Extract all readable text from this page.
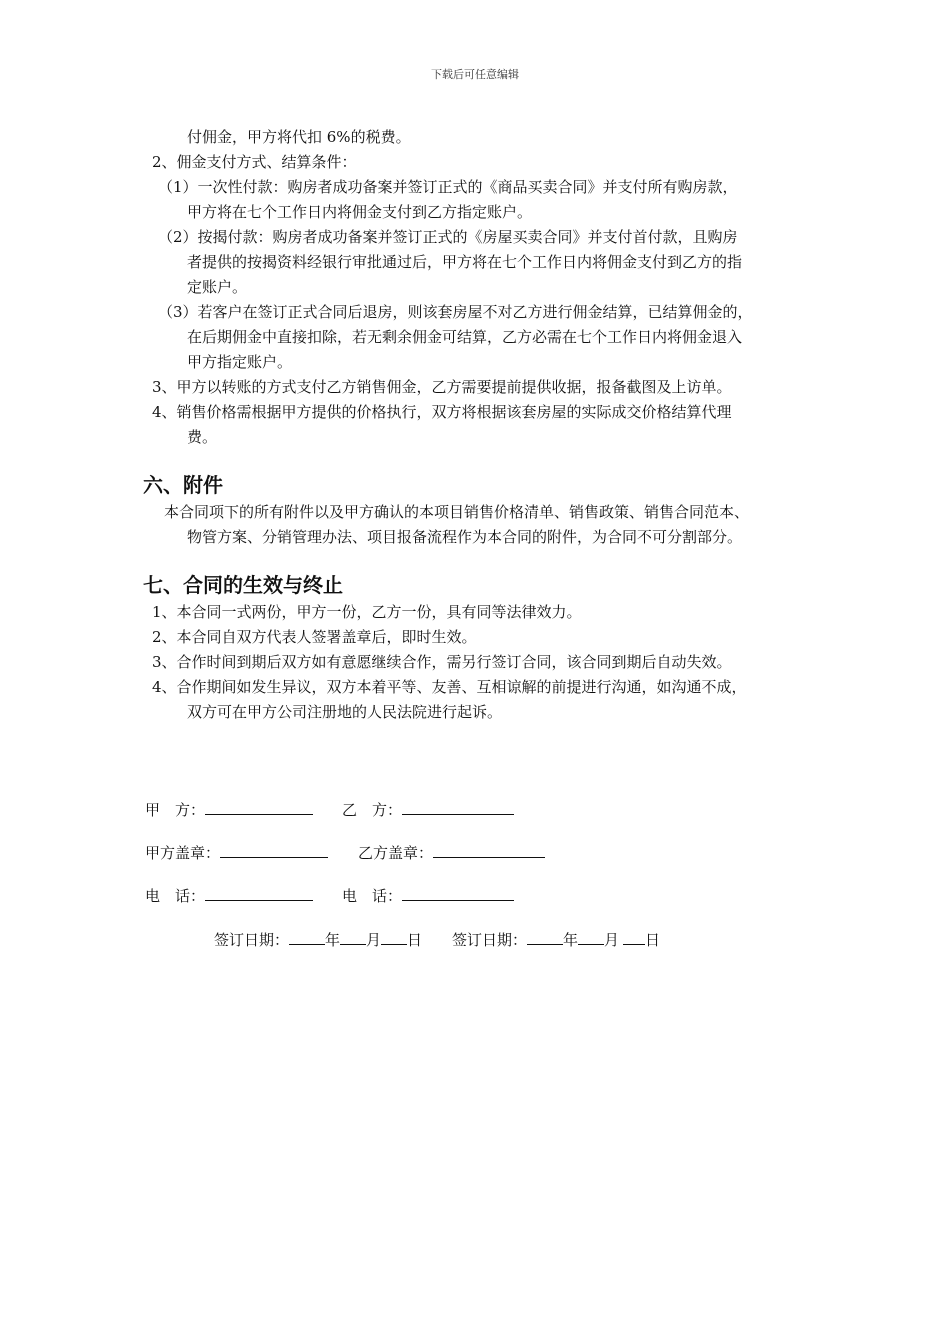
下载后可任意编辑
付佣金，甲方将代扣 6%的税费。
2、佣金支付方式、结算条件：
（1）一次性付款：购房者成功备案并签订正式的《商品买卖合同》并支付所有购房款，
甲方将在七个工作日内将佣金支付到乙方指定账户。
（2）按揭付款：购房者成功备案并签订正式的《房屋买卖合同》并支付首付款，且购房
者提供的按揭资料经银行审批通过后，甲方将在七个工作日内将佣金支付到乙方的指
定账户。
（3）若客户在签订正式合同后退房，则该套房屋不对乙方进行佣金结算，已结算佣金的，
在后期佣金中直接扣除，若无剩余佣金可结算，乙方必需在七个工作日内将佣金退入
甲方指定账户。
3、甲方以转账的方式支付乙方销售佣金，乙方需要提前提供收据，报备截图及上访单。
4、销售价格需根据甲方提供的价格执行，双方将根据该套房屋的实际成交价格结算代理
费。
六、附件
本合同项下的所有附件以及甲方确认的本项目销售价格清单、销售政策、销售合同范本、
物管方案、分销管理办法、项目报备流程作为本合同的附件，为合同不可分割部分。
七、合同的生效与终止
1、本合同一式两份，甲方一份，乙方一份，具有同等法律效力。
2、本合同自双方代表人签署盖章后，即时生效。
3、合作时间到期后双方如有意愿继续合作，需另行签订合同，该合同到期后自动失效。
4、合作期间如发生异议，双方本着平等、友善、互相谅解的前提进行沟通，如沟通不成，
双方可在甲方公司注册地的人民法院进行起诉。
甲　方：	乙　方：
甲方盖章：	乙方盖章：
电　话：	电　话：
签订日期： 年 月 日 签订日期： 年 月 日
